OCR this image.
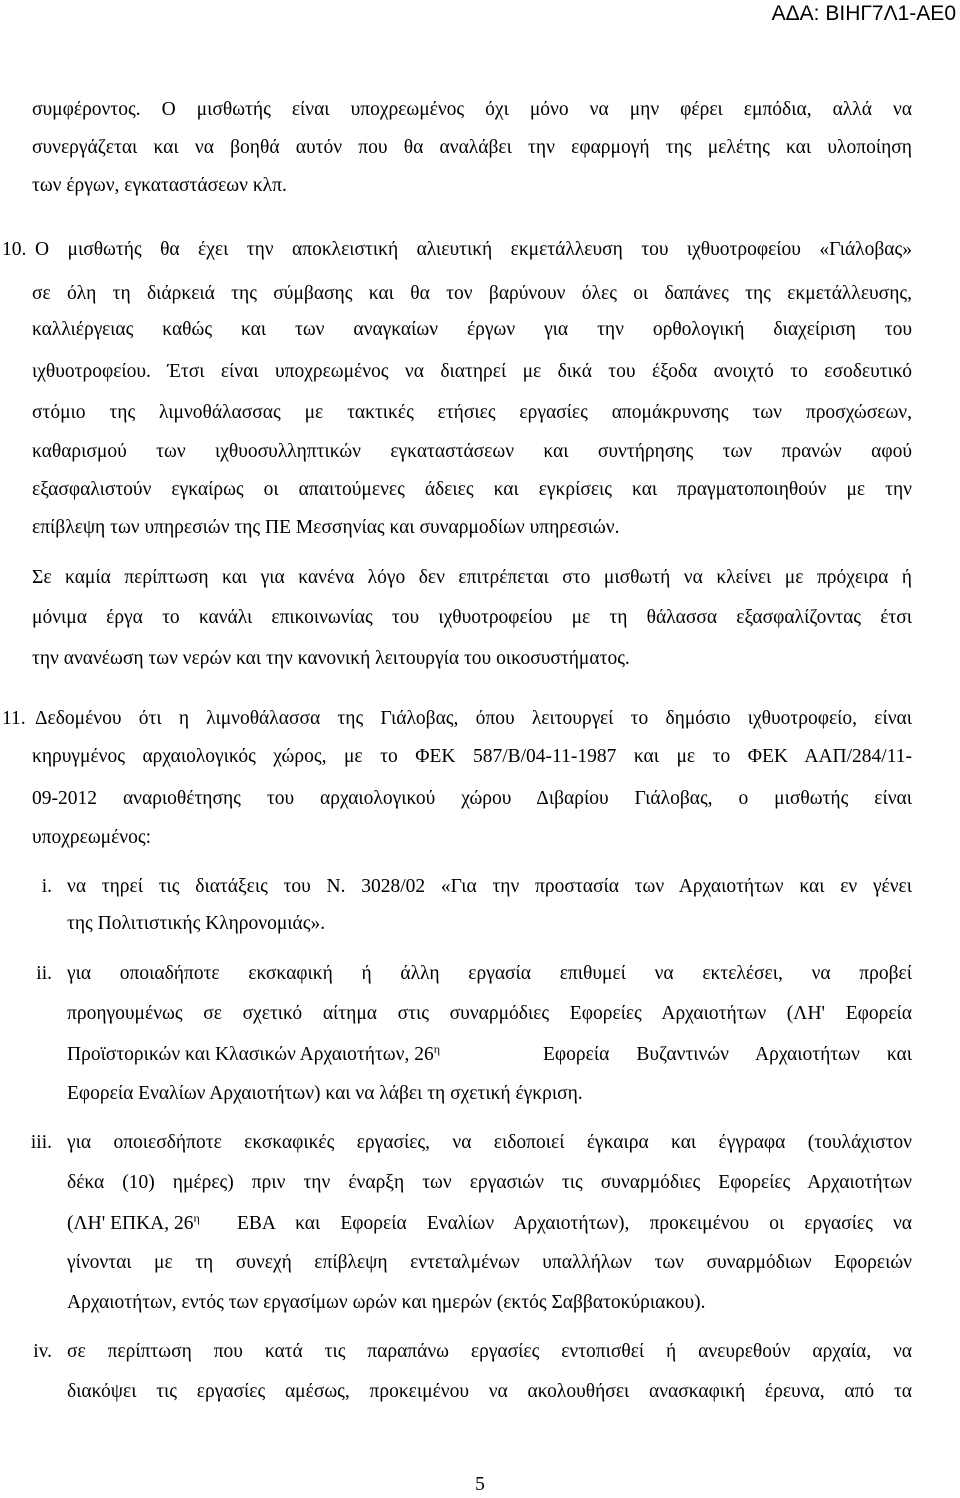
ΑΔΑ: ΒΙΗΓ7Λ1-ΑΕ0
συμφέροντος. Ο μισθωτής είναι υποχρεωμένος όχι μόνο να μην φέρει εμπόδια, αλλά να
συνεργάζεται και να βοηθά αυτόν που θα αναλάβει την εφαρμογή της μελέτης και υλοποίηση
των έργων, εγκαταστάσεων κλπ.
10. Ο μισθωτής θα έχει την αποκλειστική αλιευτική εκμετάλλευση του ιχθυοτροφείου «Γιάλοβας»
σε όλη τη διάρκειά της σύμβασης και θα τον βαρύνουν όλες οι δαπάνες της εκμετάλλευσης,
καλλιέργειας καθώς και των αναγκαίων έργων για την ορθολογική διαχείριση του
ιχθυοτροφείου. Έτσι είναι υποχρεωμένος να διατηρεί με δικά του έξοδα ανοιχτό το εσοδευτικό
στόμιο της λιμνοθάλασσας με τακτικές ετήσιες εργασίες απομάκρυνσης των προσχώσεων,
καθαρισμού των ιχθυοσυλληπτικών εγκαταστάσεων και συντήρησης των πρανών αφού
εξασφαλιστούν εγκαίρως οι απαιτούμενες άδειες και εγκρίσεις και πραγματοποιηθούν με την
επίβλεψη των υπηρεσιών της ΠΕ Μεσσηνίας και συναρμοδίων υπηρεσιών.
Σε καμία περίπτωση και για κανένα λόγο δεν επιτρέπεται στο μισθωτή να κλείνει με πρόχειρα ή
μόνιμα έργα το κανάλι επικοινωνίας του ιχθυοτροφείου με τη θάλασσα εξασφαλίζοντας έτσι
την ανανέωση των νερών και την κανονική λειτουργία του οικοσυστήματος.
11. Δεδομένου ότι η λιμνοθάλασσα της Γιάλοβας, όπου λειτουργεί το δημόσιο ιχθυοτροφείο, είναι
κηρυγμένος αρχαιολογικός χώρος, με το ΦΕΚ 587/Β/04-11-1987 και με το ΦΕΚ ΑΑΠ/284/11-
09-2012 αναριοθέτησης του αρχαιολογικού χώρου Διβαρίου Γιάλοβας, ο μισθωτής είναι
υποχρεωμένος:
i. να τηρεί τις διατάξεις του Ν. 3028/02 «Για την προστασία των Αρχαιοτήτων και εν γένει
της Πολιτιστικής Κληρονομιάς».
ii. για οποιαδήποτε εκσκαφική ή άλλη εργασία επιθυμεί να εκτελέσει, να προβεί
προηγουμένως σε σχετικό αίτημα στις συναρμόδιες Εφορείες Αρχαιοτήτων (ΛΗ' Εφορεία
Προϊστορικών και Κλασικών Αρχαιοτήτων, $26^\eta$	Εφορεία Βυζαντινών Αρχαιοτήτων και
Εφορεία Εναλίων Αρχαιοτήτων) και να λάβει τη σχετική έγκριση.
iii. για οποιεσδήποτε εκσκαφικές εργασίες, να ειδοποιεί έγκαιρα και έγγραφα (τουλάχιστον
δέκα (10) ημέρες) πριν την έναρξη των εργασιών τις συναρμόδιες Εφορείες Αρχαιοτήτων
(ΛΗ' ΕΠΚΑ, $26^\eta$	ΕΒΑ και Εφορεία Εναλίων Αρχαιοτήτων), προκειμένου οι εργασίες να
γίνονται με τη συνεχή επίβλεψη εντεταλμένων υπαλλήλων των συναρμόδιων Εφορειών
Αρχαιοτήτων, εντός των εργασίμων ωρών και ημερών (εκτός Σαββατοκύριακου).
iv. σε περίπτωση που κατά τις παραπάνω εργασίες εντοπισθεί ή ανευρεθούν αρχαία, να
διακόψει τις εργασίες αμέσως, προκειμένου να ακολουθήσει ανασκαφική έρευνα, από τα
5
